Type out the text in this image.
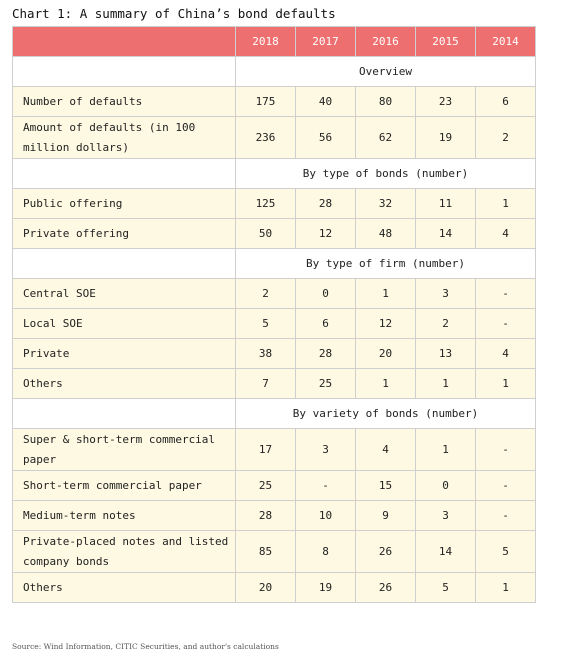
Chart 1: A summary of China’s bond defaults
	2018	2017	2016	2015	2014
	Overview				
Number of defaults	175	40	80	23	6
Amount of defaults (in 100 million dollars)	236	56	62	19	2
	By type of bonds (number)				
Public offering	125	28	32	11	1
Private offering	50	12	48	14	4
	By type of firm (number)				
Central SOE	2	0	1	3	-
Local SOE	5	6	12	2	-
Private	38	28	20	13	4
Others	7	25	1	1	1
	By variety of bonds (number)				
Super & short-term commercial paper	17	3	4	1	-
Short-term commercial paper	25	-	15	0	-
Medium-term notes	28	10	9	3	-
Private-placed notes and listed company bonds	85	8	26	14	5
Others	20	19	26	5	1
Source: Wind Information, CITIC Securities, and author's calculations
